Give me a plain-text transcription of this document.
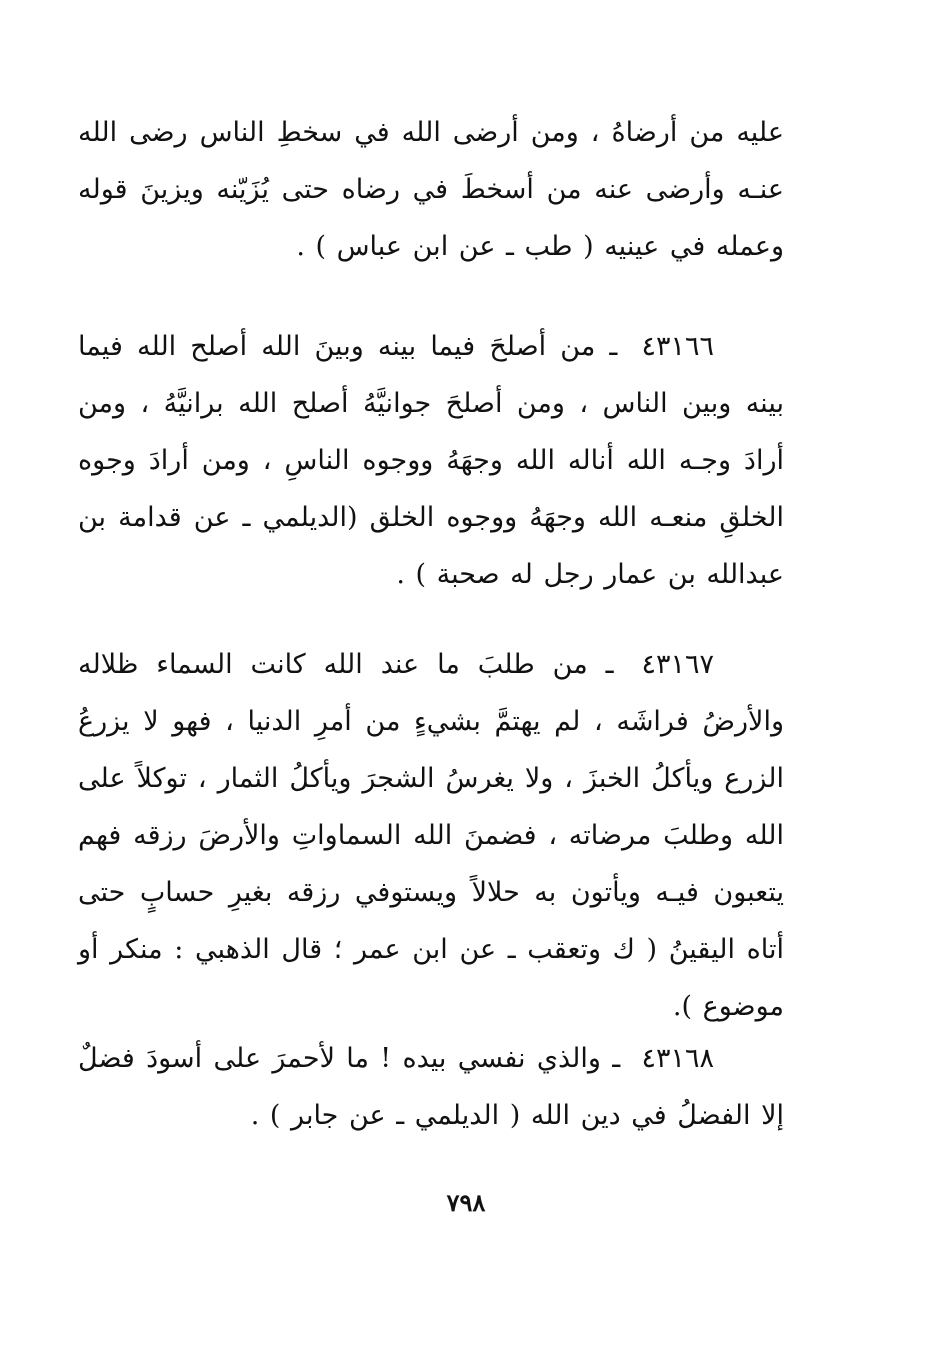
عليه من أرضاهُ ، ومن أرضى الله في سخطِ الناس رضى الله عنـه وأرضى عنه من أسخطَ في رضاه حتى يُزَيّنه ويزينَ قوله وعمله في عينيه ( طب ـ عن ابن عباس ) .

٤٣١٦٦ ـ من أصلحَ فيما بينه وبينَ الله أصلح الله فيما بينه وبين الناس ، ومن أصلحَ جوانيَّهُ أصلح الله برانيَّهُ ، ومن أرادَ وجـه الله أناله الله وجهَهُ ووجوه الناسِ ، ومن أرادَ وجوه الخلقِ منعـه الله وجهَهُ ووجوه الخلق (الديلمي ـ عن قدامة بن عبدالله بن عمار رجل له صحبة ) .

٤٣١٦٧ ـ من طلبَ ما عند الله كانت السماء ظلاله والأرضُ فراشَه ، لم يهتمَّ بشيءٍ من أمرِ الدنيا ، فهو لا يزرعُ الزرع ويأكلُ الخبزَ ، ولا يغرسُ الشجرَ ويأكلُ الثمار ، توكلاً على الله وطلبَ مرضاته ، فضمنَ الله السماواتِ والأرضَ رزقه فهم يتعبون فيـه ويأتون به حلالاً ويستوفي رزقه بغيرِ حسابٍ حتى أتاه اليقينُ ( ك وتعقب ـ عن ابن عمر ؛ قال الذهبي : منكر أو موضوع ).

٤٣١٦٨ ـ والذي نفسي بيده ! ما لأحمرَ على أسودَ فضلٌ إلا الفضلُ في دين الله ( الديلمي ـ عن جابر ) .

٧٩٨
